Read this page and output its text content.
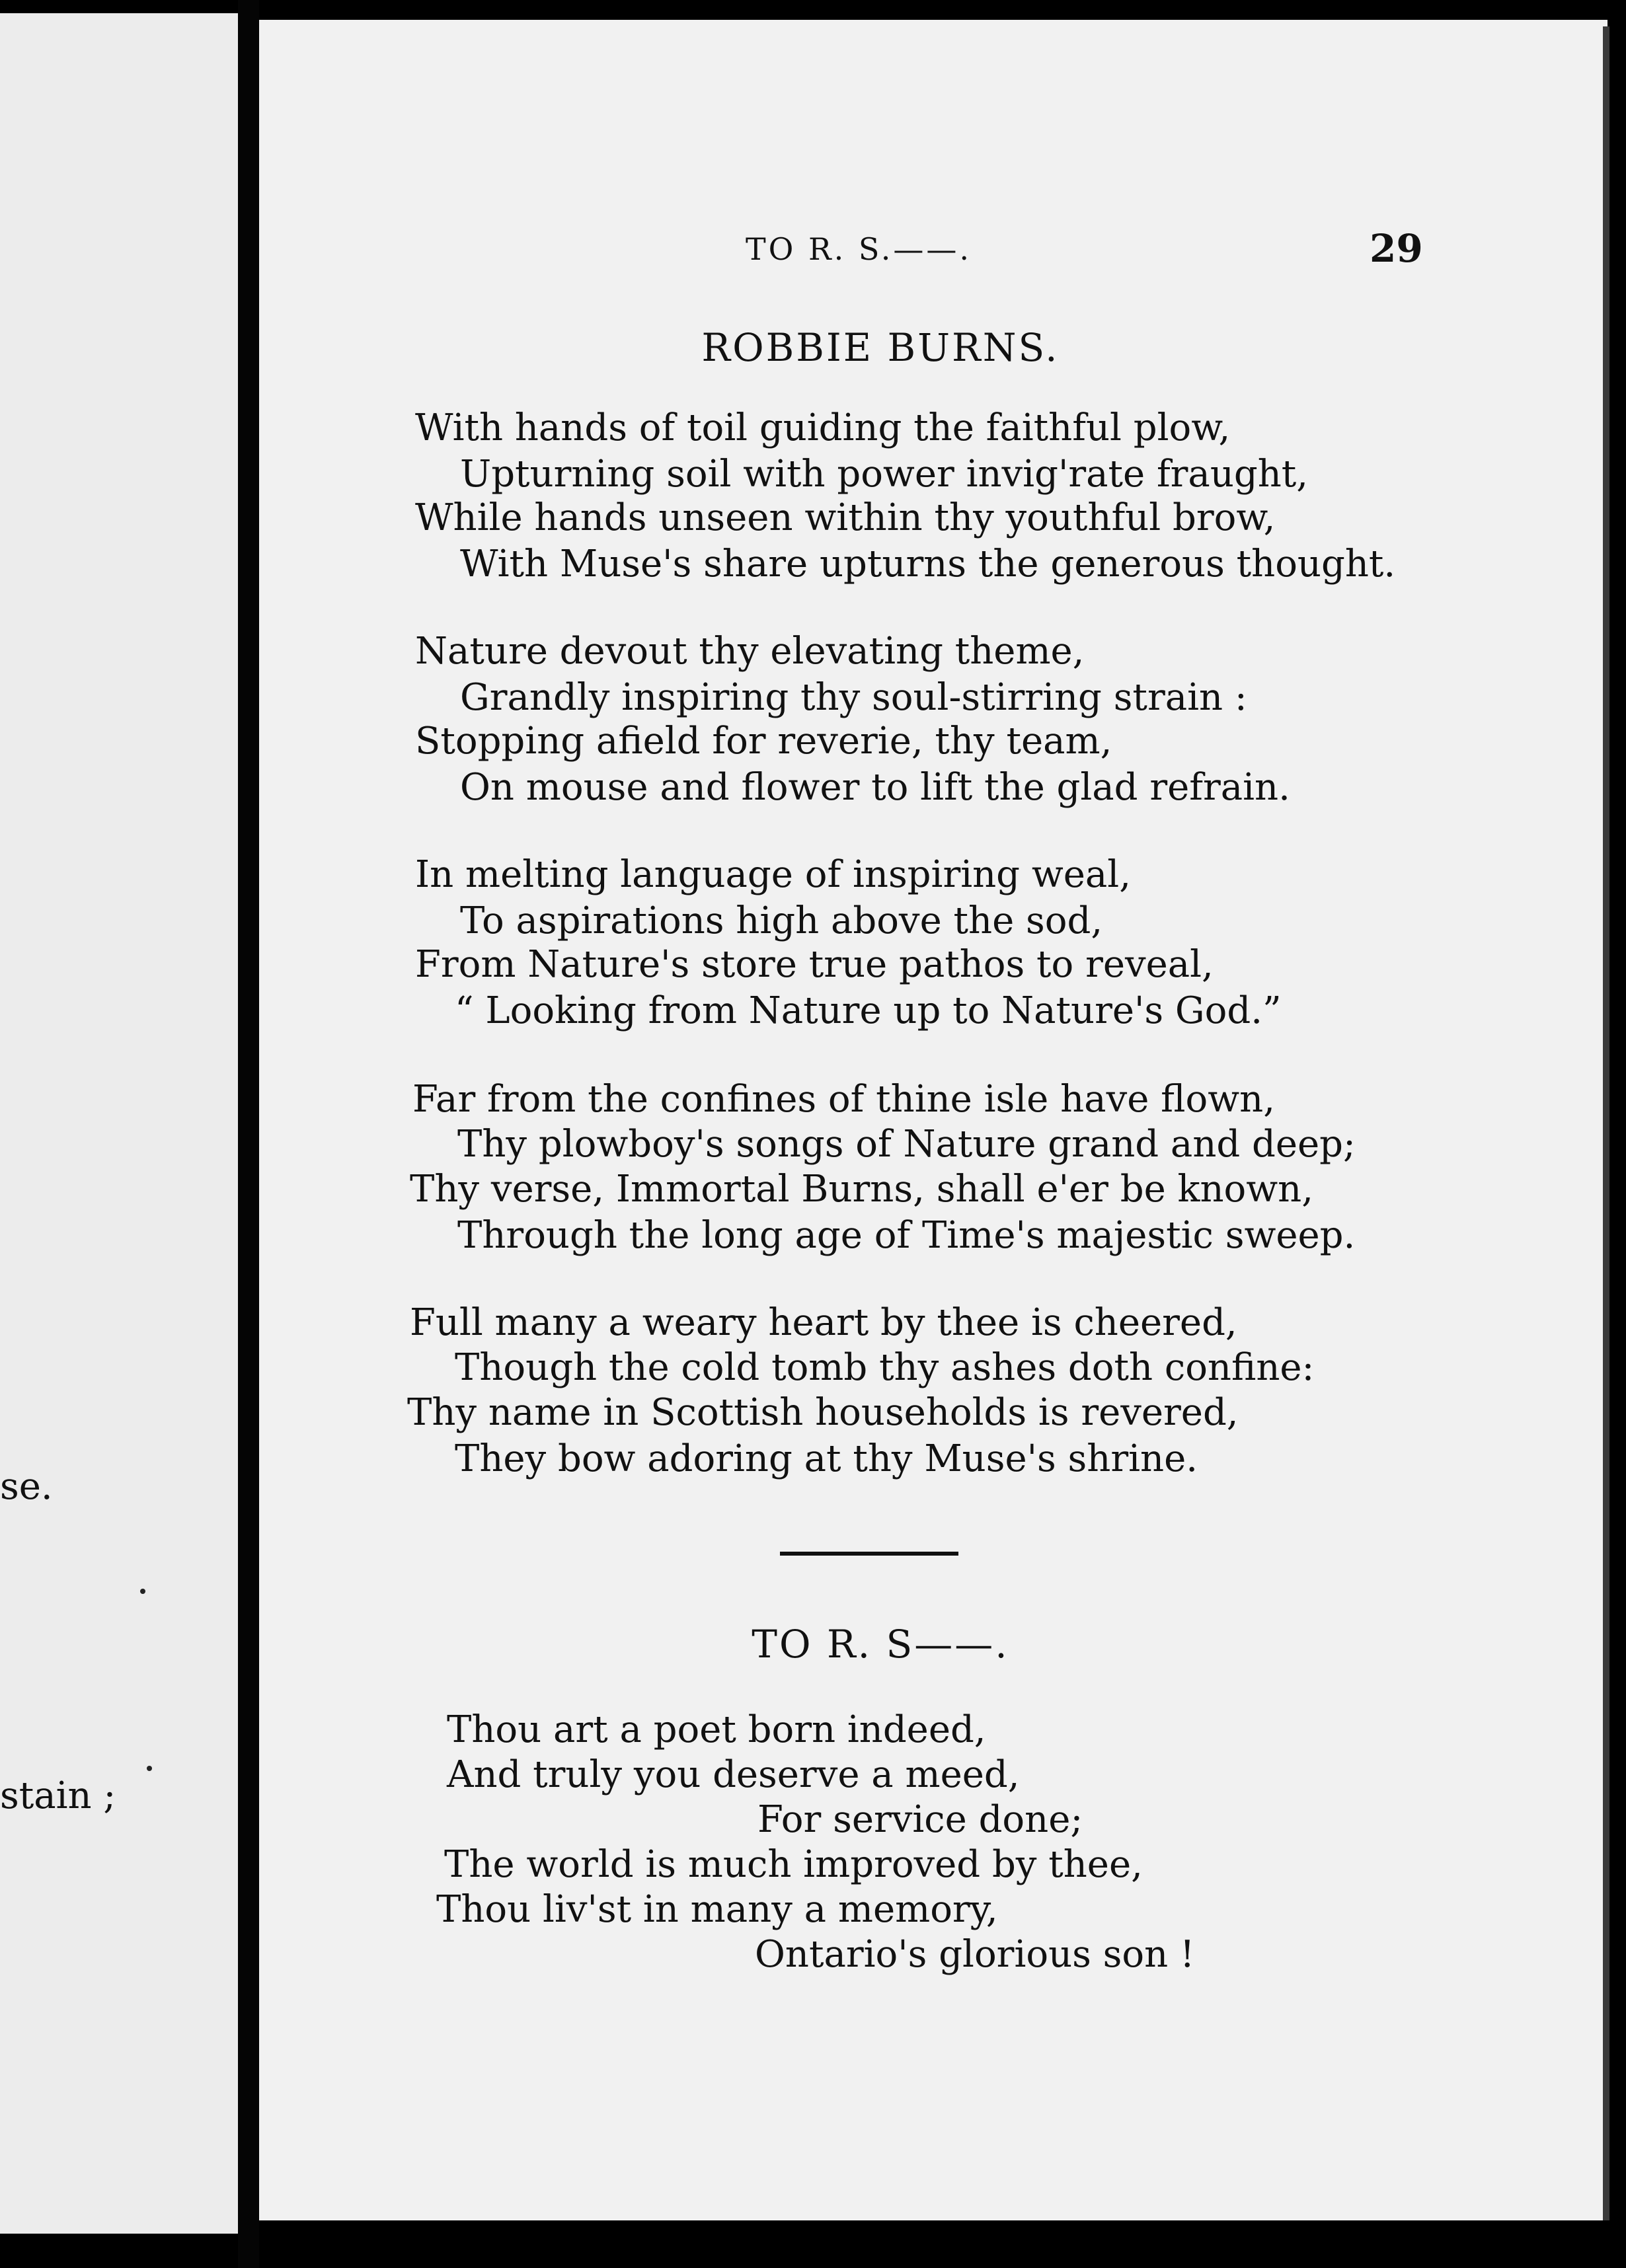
se.
stain ;
TO R. S.——.	29
ROBBIE BURNS.
With hands of toil guiding the faithful plow,
Upturning soil with power invig'rate fraught,
While hands unseen within thy youthful brow,
With Muse's share upturns the generous thought.
Nature devout thy elevating theme,
Grandly inspiring thy soul-stirring strain :
Stopping afield for reverie, thy team,
On mouse and flower to lift the glad refrain.
In melting language of inspiring weal,
To aspirations high above the sod,
From Nature's store true pathos to reveal,
“ Looking from Nature up to Nature's God.”
Far from the confines of thine isle have flown,
Thy plowboy's songs of Nature grand and deep;
Thy verse, Immortal Burns, shall e'er be known,
Through the long age of Time's majestic sweep.
Full many a weary heart by thee is cheered,
Though the cold tomb thy ashes doth confine:
Thy name in Scottish households is revered,
They bow adoring at thy Muse's shrine.
TO R. S——.
Thou art a poet born indeed,
And truly you deserve a meed,
For service done;
The world is much improved by thee,
Thou liv'st in many a memory,
Ontario's glorious son !
